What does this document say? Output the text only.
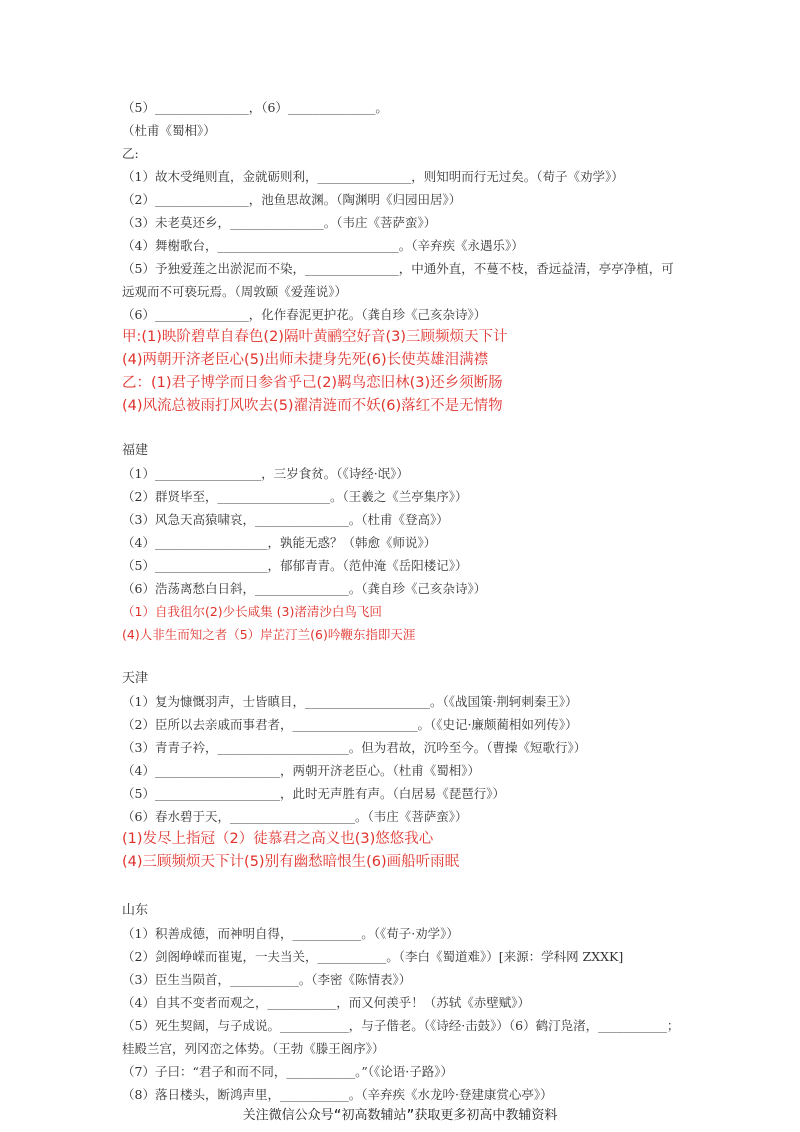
（5）_______________，（6）______________。
（杜甫《蜀相》）
乙:
（1）故木受绳则直，金就砺则利，_______________，则知明而行无过矣。（荀子《劝学》）
（2）_______________，池鱼思故渊。（陶渊明《归园田居》）
（3）未老莫还乡，_______________。（韦庄《菩萨蛮》）
（4）舞榭歌台，_____________________________。（辛弃疾《永遇乐》）
（5）予独爱莲之出淤泥而不染，_______________，中通外直，不蔓不枝，香远益清，亭亭净植，可远观而不可亵玩焉。（周敦颐《爱莲说》）
（6）_______________，化作春泥更护花。（龚自珍《己亥杂诗》）
甲:(1)映阶碧草自春色(2)隔叶黄鹂空好音(3)三顾频烦天下计
(4)两朝开济老臣心(5)出师未捷身先死(6)长使英雄泪满襟
乙：(1)君子博学而日参省乎己(2)羁鸟恋旧林(3)还乡须断肠
(4)风流总被雨打风吹去(5)濯清涟而不妖(6)落红不是无情物
福建
（1）_________________，三岁食贫。（《诗经·氓》）
（2）群贤毕至，__________________。（王羲之《兰亭集序》）
（3）风急天高猿啸哀，_______________。（杜甫《登高》）
（4）__________________，孰能无惑？（韩愈《师说》）
（5）__________________，郁郁青青。（范仲淹《岳阳楼记》）
（6）浩荡离愁白日斜，_______________。（龚自珍《己亥杂诗》）
（1）自我徂尔(2)少长咸集 (3)渚清沙白鸟飞回
(4)人非生而知之者（5）岸芷汀兰(6)吟鞭东指即天涯
天津
（1）复为慷慨羽声，士皆瞋目，____________________。（《战国策·荆轲刺秦王》）
（2）臣所以去亲戚而事君者，____________________。（《史记·廉颇蔺相如列传》）
（3）青青子衿，_____________________。但为君故，沉吟至今。（曹操《短歌行》）
（4）____________________，两朝开济老臣心。（杜甫《蜀相》）
（5）____________________，此时无声胜有声。（白居易《琵琶行》）
（6）春水碧于天，____________________。（韦庄《菩萨蛮》）
(1)发尽上指冠（2）徒慕君之高义也(3)悠悠我心
(4)三顾频烦天下计(5)别有幽愁暗恨生(6)画船听雨眠
山东
（1）积善成德，而神明自得，___________。（《荀子·劝学》）
（2）剑阁峥嵘而崔嵬，一夫当关，___________。（李白《蜀道难》）[来源：学科网 ZXXK]
（3）臣生当陨首，___________。（李密《陈情表》）
（4）自其不变者而观之，___________，而又何羡乎！（苏轼《赤壁赋》）
（5）死生契阔，与子成说。___________，与子偕老。（《诗经·击鼓》）（6）鹤汀凫渚，___________；桂殿兰宫，列冈峦之体势。（王勃《滕王阁序》）
（7）子曰：“君子和而不同，___________。”（《论语·子路》）
（8）落日楼头，断鸿声里，___________。（辛弃疾《水龙吟·登建康赏心亭》）
关注微信公众号“初高数辅站”获取更多初高中教辅资料
